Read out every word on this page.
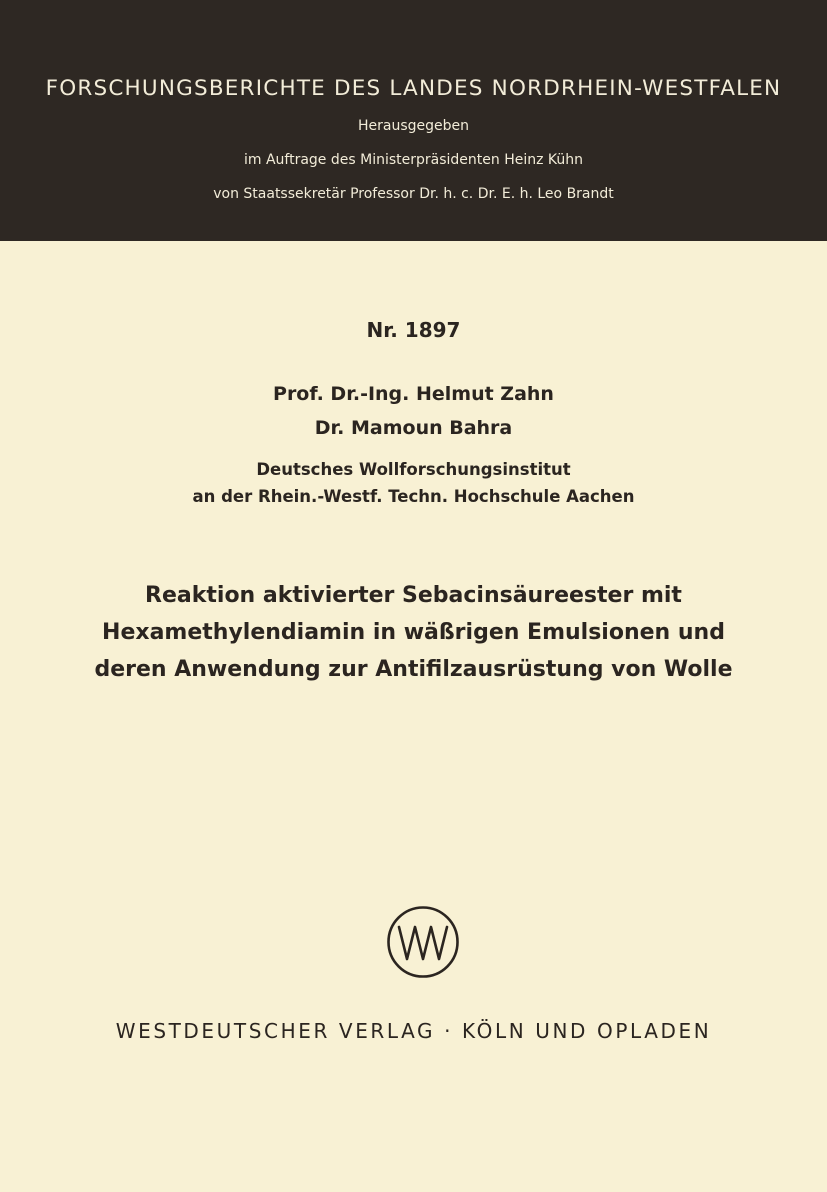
FORSCHUNGSBERICHTE DES LANDES NORDRHEIN-WESTFALEN
Herausgegeben
im Auftrage des Ministerpräsidenten Heinz Kühn
von Staatssekretär Professor Dr. h. c. Dr. E. h. Leo Brandt
Nr. 1897
Prof. Dr.-Ing. Helmut Zahn
Dr. Mamoun Bahra
Deutsches Wollforschungsinstitut
an der Rhein.-Westf. Techn. Hochschule Aachen
Reaktion aktivierter Sebacinsäureester mit
Hexamethylendiamin in wäßrigen Emulsionen und
deren Anwendung zur Antifilzausrüstung von Wolle
WESTDEUTSCHER VERLAG · KÖLN UND OPLADEN
